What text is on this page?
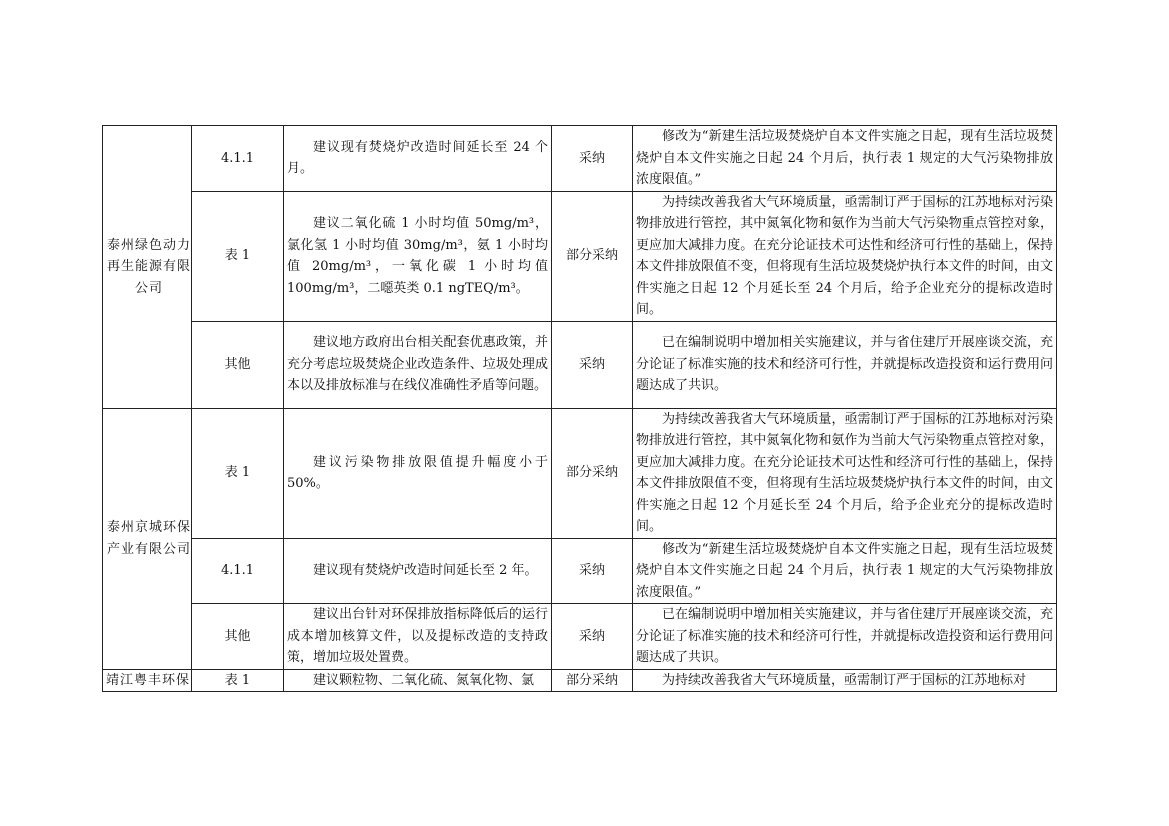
泰州绿色动力再生能源有限公司	4.1.1	建议现有焚烧炉改造时间延长至 24 个月。	采纳	修改为“新建生活垃圾焚烧炉自本文件实施之日起，现有生活垃圾焚烧炉自本文件实施之日起 24 个月后，执行表 1 规定的大气污染物排放浓度限值。”
	表 1	建议二氧化硫 1 小时均值 50mg/m³，氯化氢 1 小时均值 30mg/m³，氨 1 小时均值 20mg/m³，一氧化碳 1 小时均值 100mg/m³，二噁英类 0.1 ngTEQ/m³。	部分采纳	为持续改善我省大气环境质量，亟需制订严于国标的江苏地标对污染物排放进行管控，其中氮氧化物和氨作为当前大气污染物重点管控对象，更应加大减排力度。在充分论证技术可达性和经济可行性的基础上，保持本文件排放限值不变，但将现有生活垃圾焚烧炉执行本文件的时间，由文件实施之日起 12 个月延长至 24 个月后，给予企业充分的提标改造时间。
	其他	建议地方政府出台相关配套优惠政策，并充分考虑垃圾焚烧企业改造条件、垃圾处理成本以及排放标准与在线仪准确性矛盾等问题。	采纳	已在编制说明中增加相关实施建议，并与省住建厅开展座谈交流，充分论证了标准实施的技术和经济可行性，并就提标改造投资和运行费用问题达成了共识。

泰州京城环保产业有限公司	表 1	建议污染物排放限值提升幅度小于 50%。	部分采纳	为持续改善我省大气环境质量，亟需制订严于国标的江苏地标对污染物排放进行管控，其中氮氧化物和氨作为当前大气污染物重点管控对象，更应加大减排力度。在充分论证技术可达性和经济可行性的基础上，保持本文件排放限值不变，但将现有生活垃圾焚烧炉执行本文件的时间，由文件实施之日起 12 个月延长至 24 个月后，给予企业充分的提标改造时间。
	4.1.1	建议现有焚烧炉改造时间延长至 2 年。	采纳	修改为“新建生活垃圾焚烧炉自本文件实施之日起，现有生活垃圾焚烧炉自本文件实施之日起 24 个月后，执行表 1 规定的大气污染物排放浓度限值。”
	其他	建议出台针对环保排放指标降低后的运行成本增加核算文件，以及提标改造的支持政策，增加垃圾处置费。	采纳	已在编制说明中增加相关实施建议，并与省住建厅开展座谈交流，充分论证了标准实施的技术和经济可行性，并就提标改造投资和运行费用问题达成了共识。
靖江粤丰环保	表 1	建议颗粒物、二氧化硫、氮氧化物、氯	部分采纳	为持续改善我省大气环境质量，亟需制订严于国标的江苏地标对
